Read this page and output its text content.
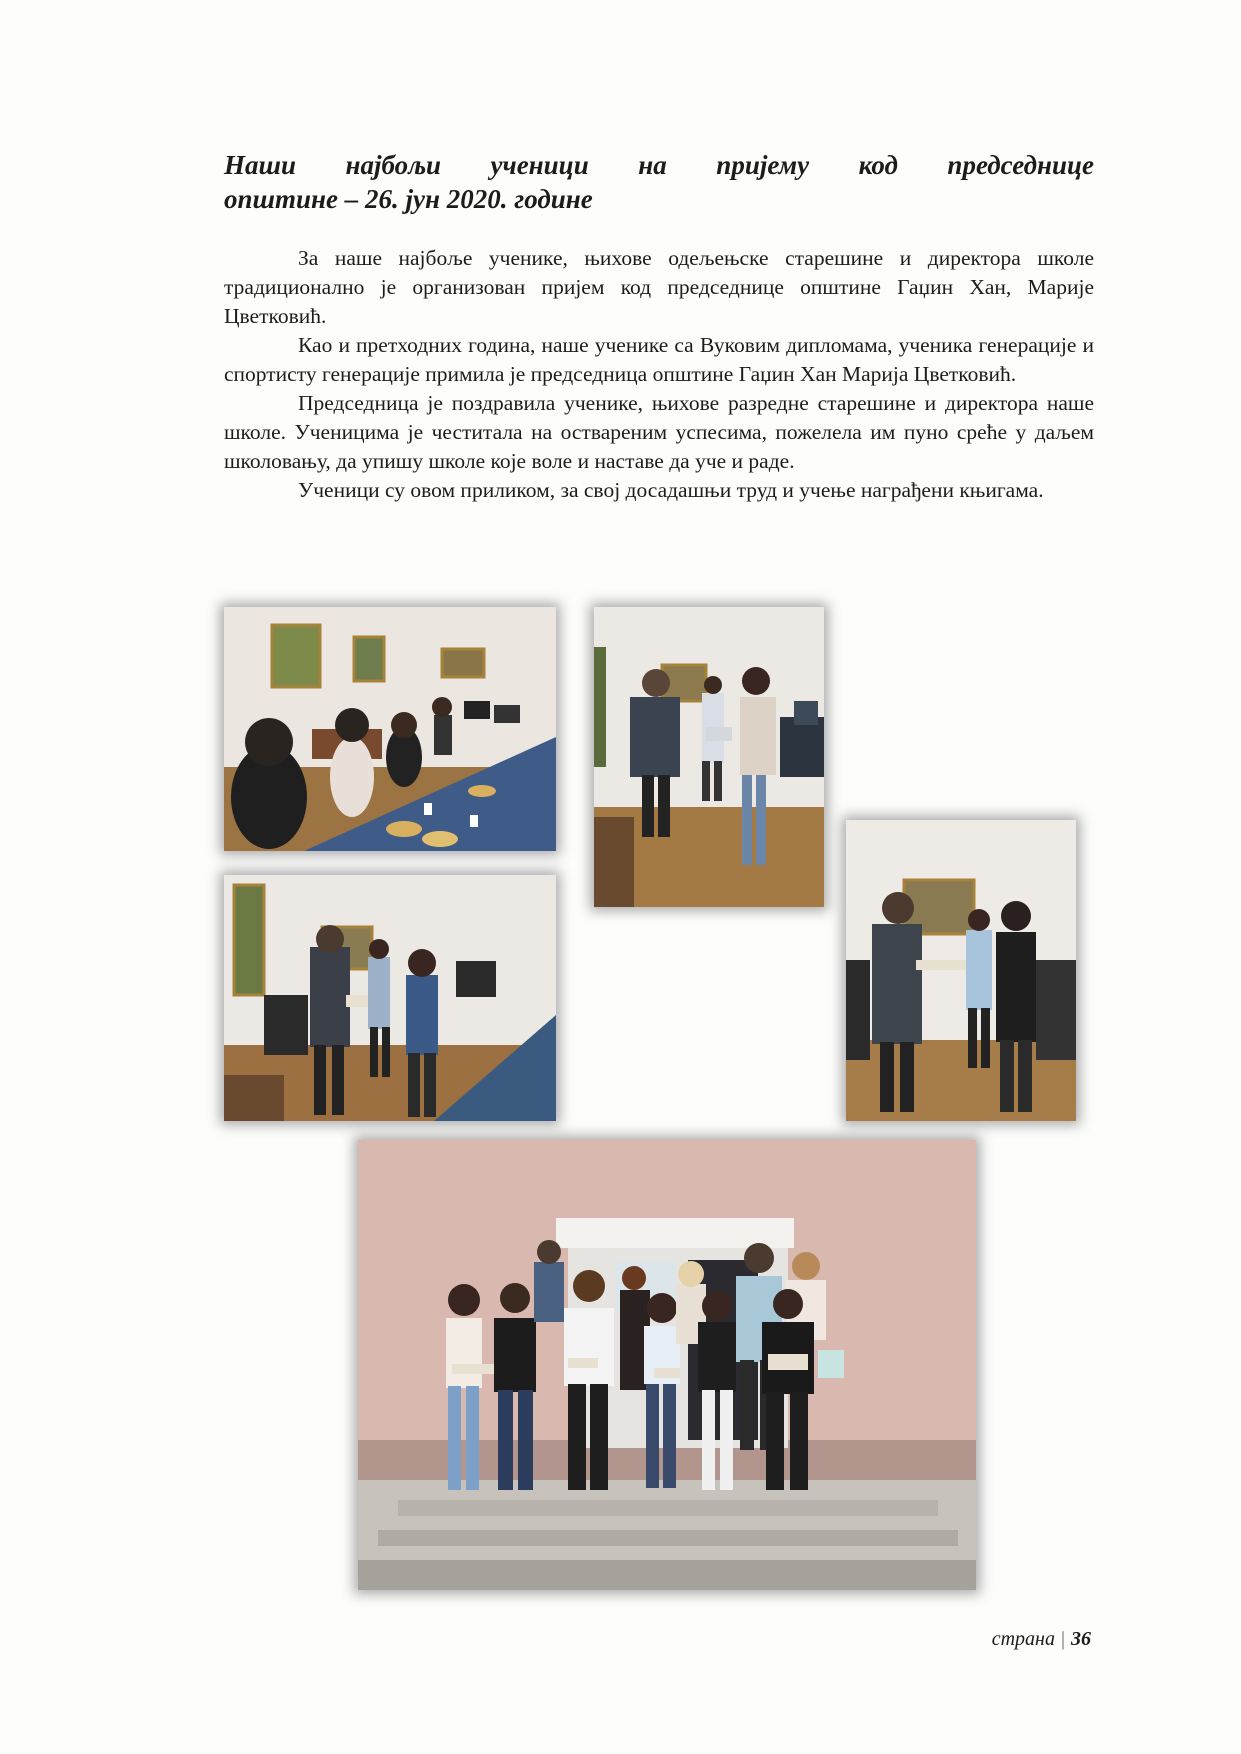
Наши најбољи ученици на пријему код председнице
општине – 26. јун 2020. године

За наше најбоље ученике, њихове одељењске старешине и директора школе традиционално је организован пријем код председнице општине Гаџин Хан, Марије Цветковић.

Као и претходних година, наше ученике са Вуковим дипломама, ученика генерације и спортисту генерације примила је председница општине Гаџин Хан Марија Цветковић.

Председница је поздравила ученике, њихове разредне старешине и директора наше школе. Ученицима је честитала на оствареним успесима, пожелела им пуно среће у даљем школовању, да упишу школе које воле и наставе да уче и раде.

Ученици су овом приликом, за свој досадашњи труд и учење награђени књигама.

страна | 36
